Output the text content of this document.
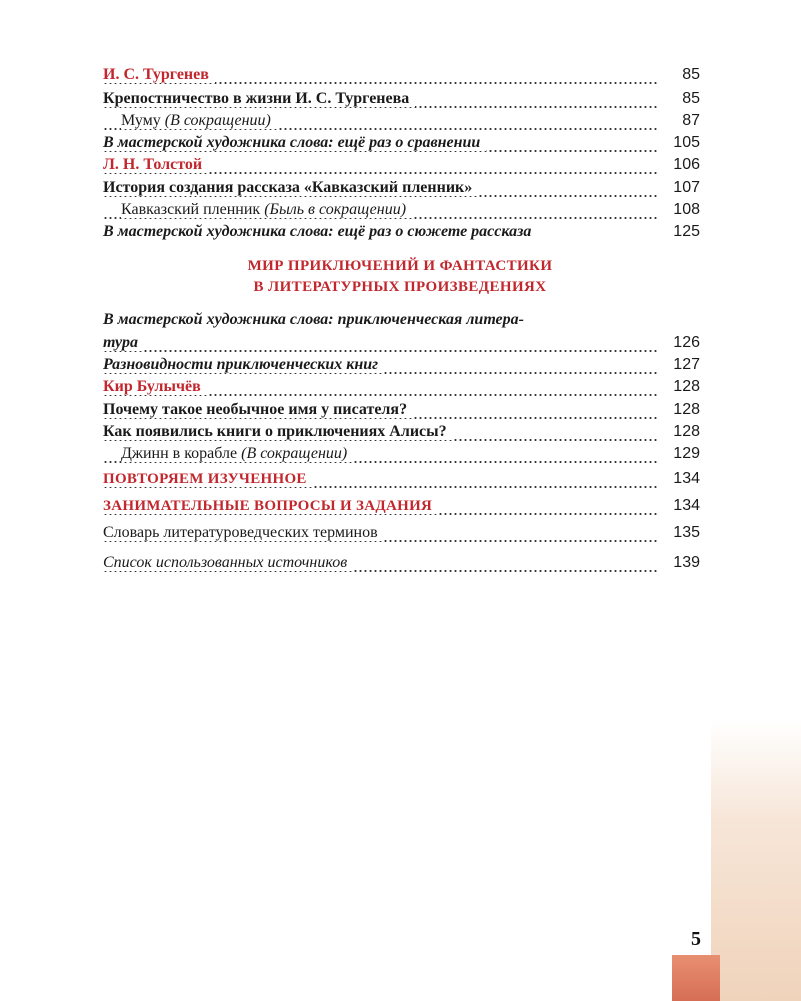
И. С. Тургенев	85
Крепостничество в жизни И. С. Тургенева	85
Муму (В сокращении)	87
В мастерской художника слова: ещё раз о сравнении	105
Л. Н. Толстой	106
История создания рассказа «Кавказский пленник»	107
Кавказский пленник (Быль в сокращении)	108
В мастерской художника слова: ещё раз о сюжете рассказа	125
МИР ПРИКЛЮЧЕНИЙ И ФАНТАСТИКИ
В ЛИТЕРАТУРНЫХ ПРОИЗВЕДЕНИЯХ
В мастерской художника слова: приключенческая литера-
тура	126
Разновидности приключенческих книг	127
Кир Булычёв	128
Почему такое необычное имя у писателя?	128
Как появились книги о приключениях Алисы?	128
Джинн в корабле (В сокращении)	129
ПОВТОРЯЕМ ИЗУЧЕННОЕ	134
ЗАНИМАТЕЛЬНЫЕ ВОПРОСЫ И ЗАДАНИЯ	134
Словарь литературоведческих терминов	135
Список использованных источников	139
5
